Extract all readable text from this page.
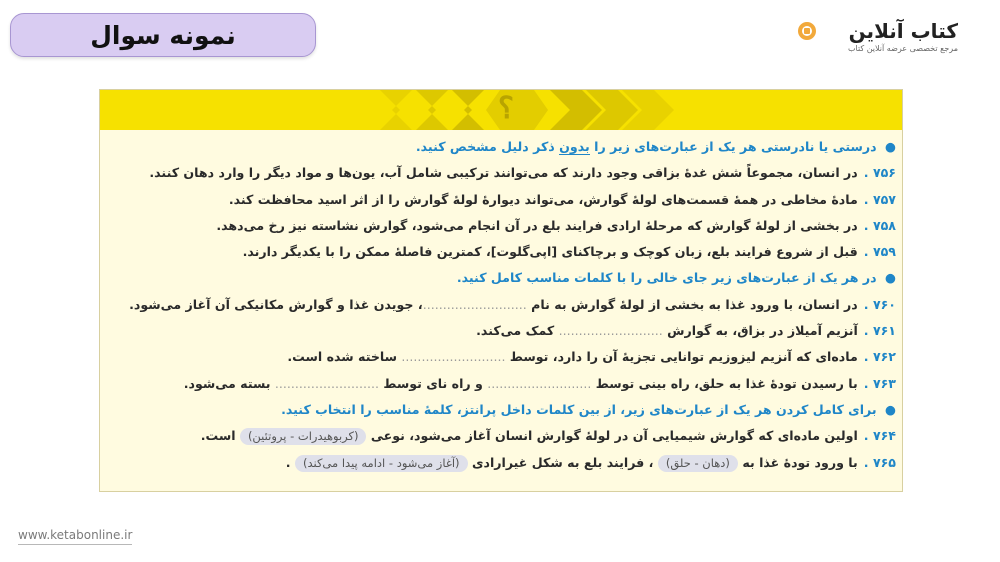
نمونه سوال	كتاب آنلاين
مرجع تخصصی عرضه آنلاین کتاب
؟
● درستی یا نادرستی هر یک از عبارت‌های زیر را بدون ذکر دلیل مشخص کنید.
۷۵۶ .در انسان، مجموعاً شش غدهٔ بزاقی وجود دارند که می‌توانند ترکیبی شامل آب، یون‌ها و مواد دیگر را وارد دهان کنند.
۷۵۷ .مادهٔ مخاطی در همهٔ قسمت‌های لولهٔ گوارش، می‌تواند دیوارهٔ لولهٔ گوارش را از اثر اسید محافظت کند.
۷۵۸ .در بخشی از لولهٔ گوارش که مرحلهٔ ارادی فرایند بلع در آن انجام می‌شود، گوارش نشاسته نیز رخ می‌دهد.
۷۵۹ .قبل از شروع فرایند بلع، زبان کوچک و برچاکنای [اپی‌گلوت]، کمترین فاصلهٔ ممکن را با یکدیگر دارند.
● در هر یک از عبارت‌های زیر جای خالی را با کلمات مناسب کامل کنید.
۷۶۰ .در انسان، با ورود غذا به بخشی از لولهٔ گوارش به نام ..........................، جویدن غذا و گوارش مکانیکی آن آغاز می‌شود.
۷۶۱ .آنزیم آمیلاز در بزاق، به گوارش .......................... کمک می‌کند.
۷۶۲ .ماده‌ای که آنزیم لیزوزیم توانایی تجزیهٔ آن را دارد، توسط .......................... ساخته شده است.
۷۶۳ .با رسیدن تودهٔ غذا به حلق، راه بینی توسط .......................... و راه نای توسط .......................... بسته می‌شود.
● برای کامل کردن هر یک از عبارت‌های زیر، از بین کلمات داخل پرانتز، کلمهٔ مناسب را انتخاب کنید.
۷۶۴ .اولین ماده‌ای که گوارش شیمیایی آن در لولهٔ گوارش انسان آغاز می‌شود، نوعی (کربوهیدرات - پروتئین) است.
۷۶۵ .با ورود تودهٔ غذا به (دهان - حلق) ، فرایند بلع به شکل غیرارادی (آغاز می‌شود - ادامه پیدا می‌کند) .
www.ketabonline.ir
